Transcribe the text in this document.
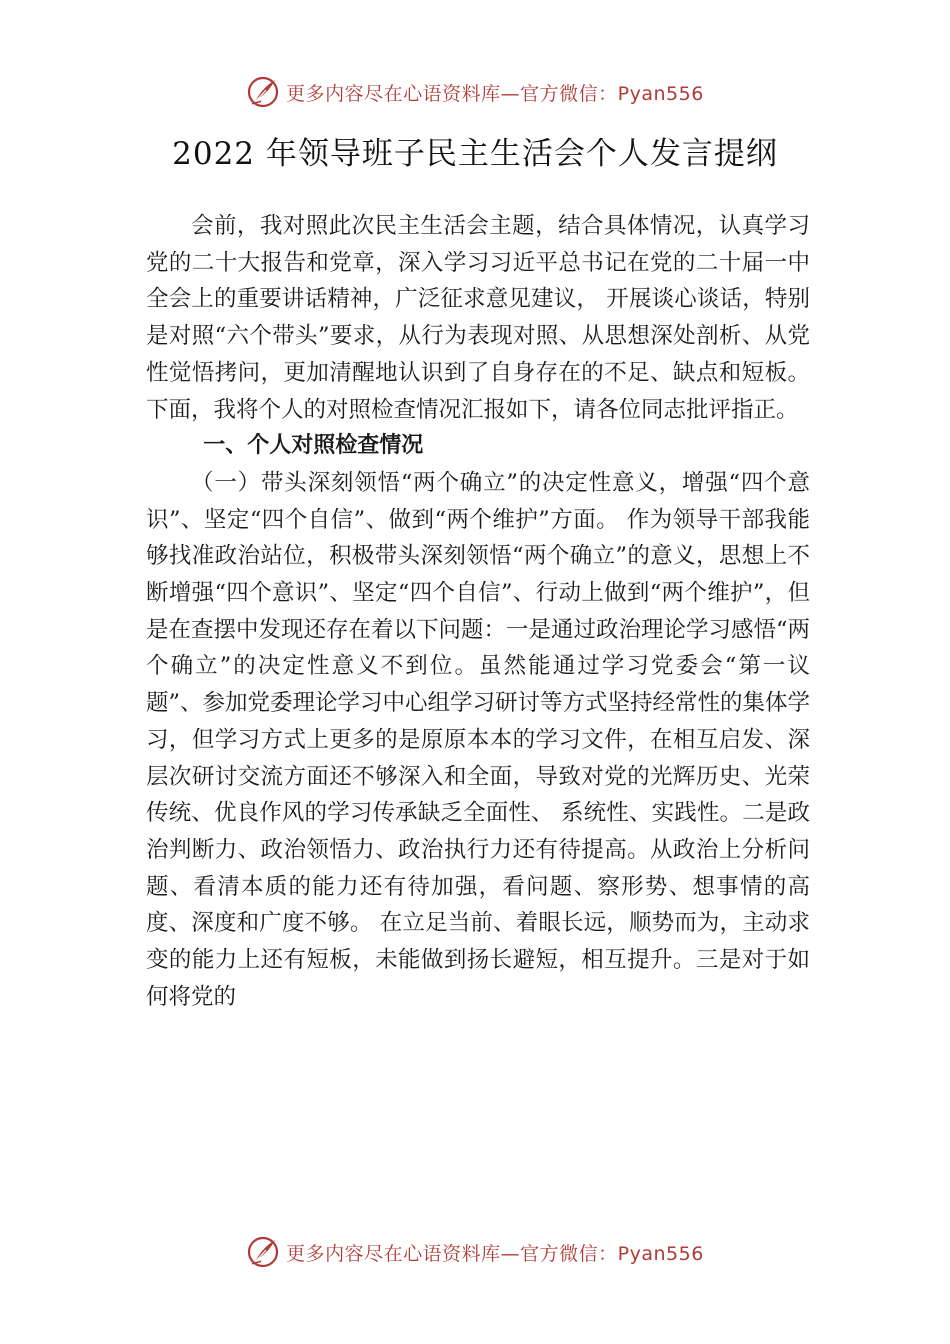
更多内容尽在心语资料库—官方微信：Pyan556
2022 年领导班子民主生活会个人发言提纲

会前，我对照此次民主生活会主题，结合具体情况，认真学习党的二十大报告和党章，深入学习习近平总书记在党的二十届一中全会上的重要讲话精神，广泛征求意见建议， 开展谈心谈话，特别是对照“六个带头”要求，从行为表现对照、从思想深处剖析、从党性觉悟拷问，更加清醒地认识到了自身存在的不足、缺点和短板。下面，我将个人的对照检查情况汇报如下，请各位同志批评指正。

一、个人对照检查情况

（一）带头深刻领悟“两个确立”的决定性意义，增强“四个意识”、坚定“四个自信”、做到“两个维护”方面。 作为领导干部我能够找准政治站位，积极带头深刻领悟“两个确立”的意义，思想上不断增强“四个意识”、坚定“四个自信”、行动上做到“两个维护”，但是在查摆中发现还存在着以下问题：一是通过政治理论学习感悟“两个确立”的决定性意义不到位。虽然能通过学习党委会“第一议题”、参加党委理论学习中心组学习研讨等方式坚持经常性的集体学习，但学习方式上更多的是原原本本的学习文件，在相互启发、深层次研讨交流方面还不够深入和全面，导致对党的光辉历史、光荣传统、优良作风的学习传承缺乏全面性、 系统性、实践性。二是政治判断力、政治领悟力、政治执行力还有待提高。从政治上分析问题、看清本质的能力还有待加强，看问题、察形势、想事情的高度、深度和广度不够。 在立足当前、着眼长远，顺势而为，主动求变的能力上还有短板，未能做到扬长避短，相互提升。三是对于如何将党的

更多内容尽在心语资料库—官方微信：Pyan556
